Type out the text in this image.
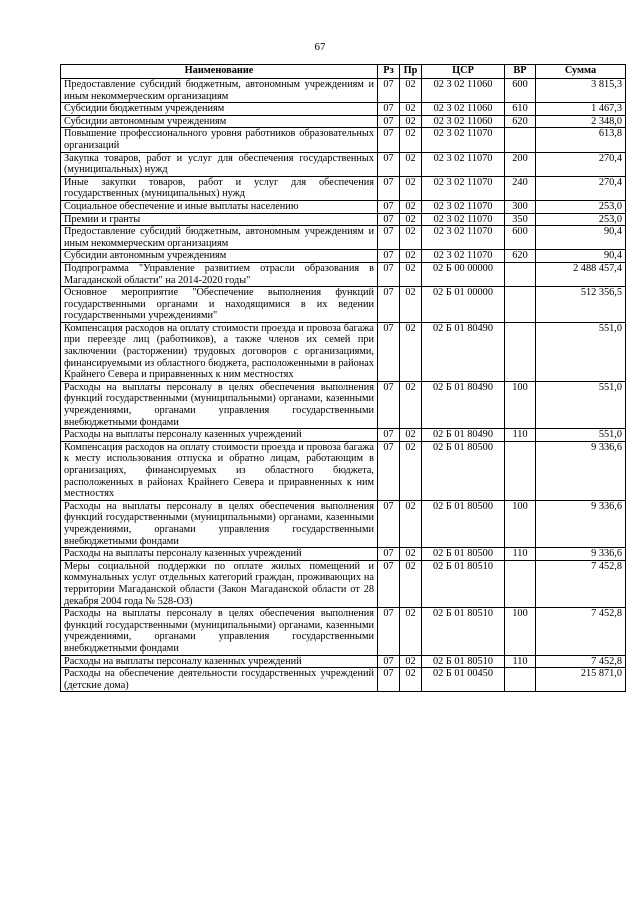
67
Наименование	Рз	Пр	ЦСР	ВР	Сумма
Предоставление субсидий бюджетным, автономным учреждениям и иным некоммерческим организациям	07	02	02 3 02 11060	600	3 815,3
Субсидии бюджетным учреждениям	07	02	02 3 02 11060	610	1 467,3
Субсидии автономным учреждениям	07	02	02 3 02 11060	620	2 348,0
Повышение профессионального уровня работников образовательных организаций	07	02	02 3 02 11070		613,8
Закупка товаров, работ и услуг для обеспечения государственных (муниципальных) нужд	07	02	02 3 02 11070	200	270,4
Иные закупки товаров, работ и услуг для обеспечения государственных (муниципальных) нужд	07	02	02 3 02 11070	240	270,4
Социальное обеспечение и иные выплаты населению	07	02	02 3 02 11070	300	253,0
Премии и гранты	07	02	02 3 02 11070	350	253,0
Предоставление субсидий бюджетным, автономным учреждениям и иным некоммерческим организациям	07	02	02 3 02 11070	600	90,4
Субсидии автономным учреждениям	07	02	02 3 02 11070	620	90,4
Подпрограмма "Управление развитием отрасли образования в Магаданской области" на 2014-2020 годы"	07	02	02 Б 00 00000		2 488 457,4
Основное мероприятие "Обеспечение выполнения функций государственными органами и находящимися в их ведении государственными учреждениями"	07	02	02 Б 01 00000		512 356,5
Компенсация расходов на оплату стоимости проезда и провоза багажа при переезде лиц (работников), а также членов их семей при заключении (расторжении) трудовых договоров с организациями, финансируемыми из областного бюджета, расположенными в районах Крайнего Севера и приравненных к ним местностях	07	02	02 Б 01 80490		551,0
Расходы на выплаты персоналу в целях обеспечения выполнения функций государственными (муниципальными) органами, казенными учреждениями, органами управления государственными внебюджетными фондами	07	02	02 Б 01 80490	100	551,0
Расходы на выплаты персоналу казенных учреждений	07	02	02 Б 01 80490	110	551,0
Компенсация расходов на оплату стоимости проезда и провоза багажа к месту использования отпуска и обратно лицам, работающим в организациях, финансируемых из областного бюджета, расположенных в районах Крайнего Севера и приравненных к ним местностях	07	02	02 Б 01 80500		9 336,6
Расходы на выплаты персоналу в целях обеспечения выполнения функций государственными (муниципальными) органами, казенными учреждениями, органами управления государственными внебюджетными фондами	07	02	02 Б 01 80500	100	9 336,6
Расходы на выплаты персоналу казенных учреждений	07	02	02 Б 01 80500	110	9 336,6
Меры социальной поддержки по оплате жилых помещений и коммунальных услуг отдельных категорий граждан, проживающих на территории Магаданской области (Закон Магаданской области от 28 декабря 2004 года № 528-ОЗ)	07	02	02 Б 01 80510		7 452,8
Расходы на выплаты персоналу в целях обеспечения выполнения функций государственными (муниципальными) органами, казенными учреждениями, органами управления государственными внебюджетными фондами	07	02	02 Б 01 80510	100	7 452,8
Расходы на выплаты персоналу казенных учреждений	07	02	02 Б 01 80510	110	7 452,8
Расходы на обеспечение деятельности государственных учреждений (детские дома)	07	02	02 Б 01 00450		215 871,0
